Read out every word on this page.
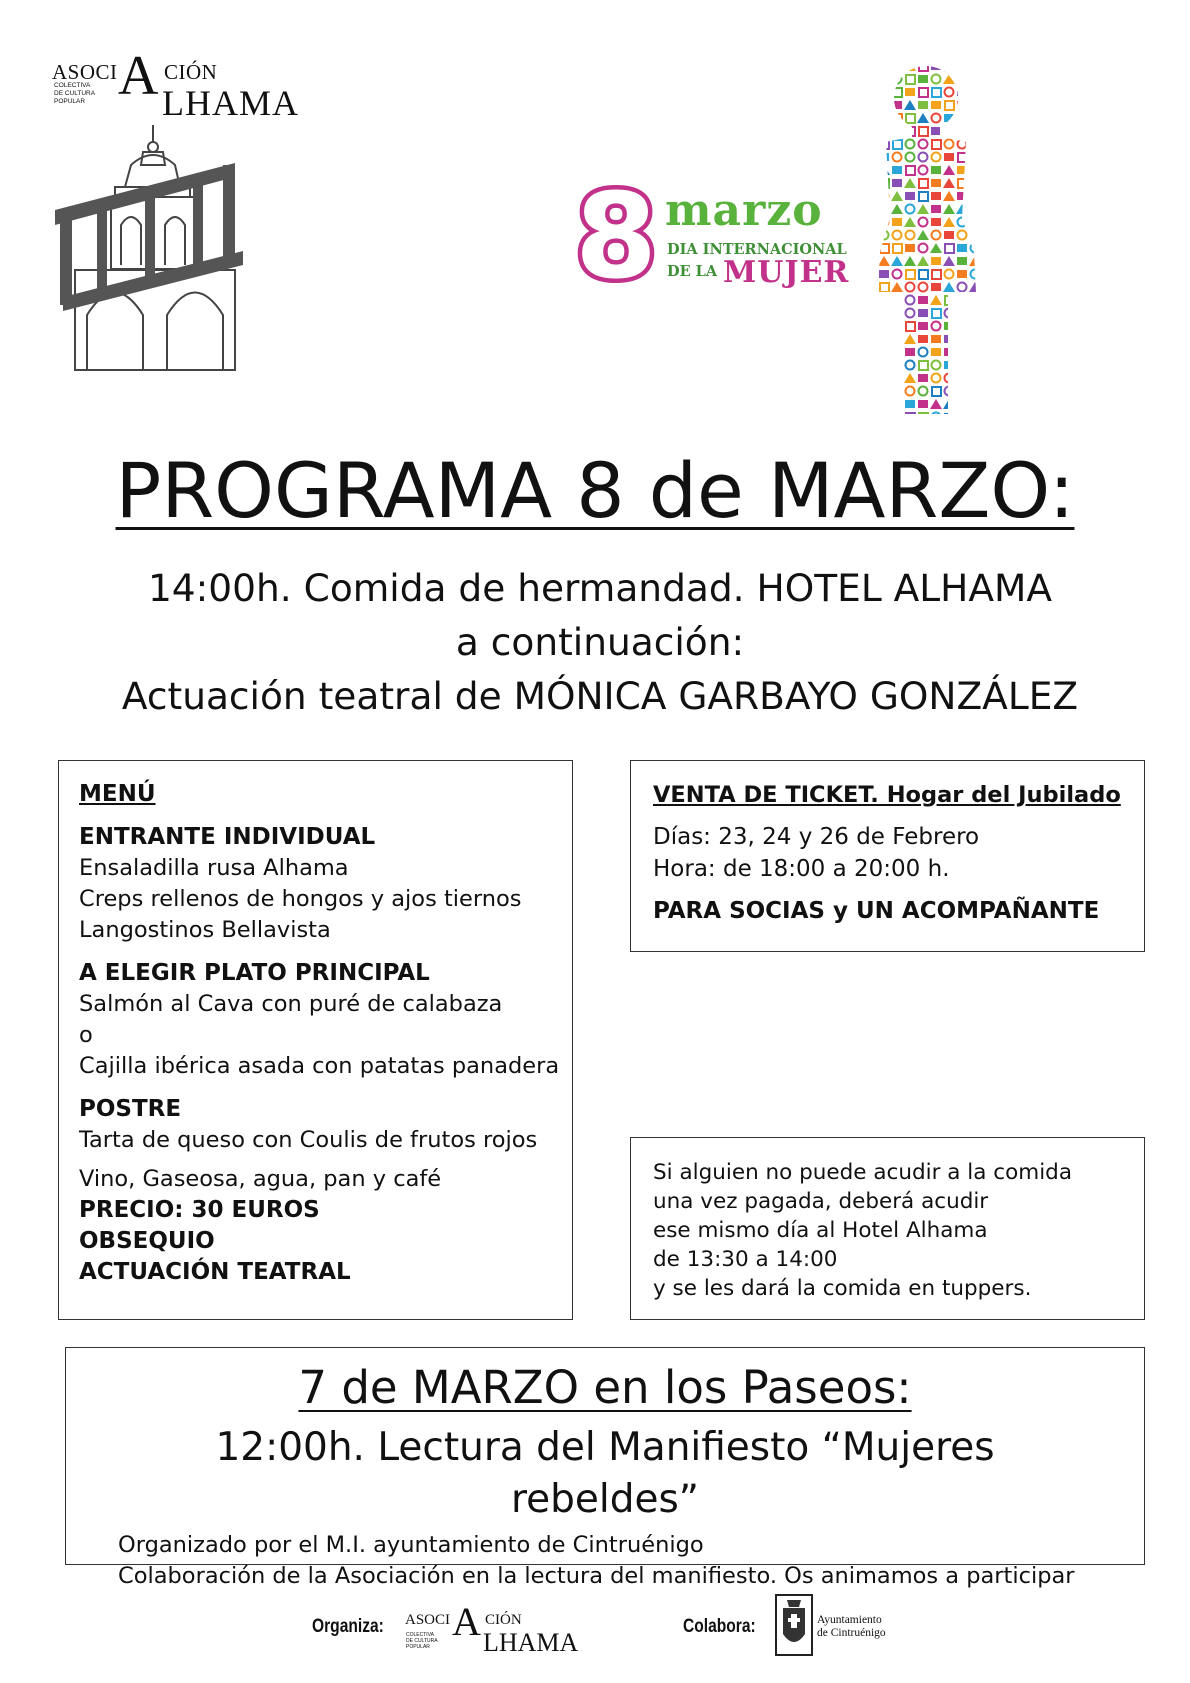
ASOCI A CIÓN
LHAMA
COLECTIVA
DE CULTURA
POPULAR
8 marzo
DIA INTERNACIONAL
DE LA MUJER
PROGRAMA 8 de MARZO:
14:00h. Comida de hermandad. HOTEL ALHAMA
a continuación:
Actuación teatral de MÓNICA GARBAYO GONZÁLEZ
MENÚ
ENTRANTE INDIVIDUAL
Ensaladilla rusa Alhama
Creps rellenos de hongos y ajos tiernos
Langostinos Bellavista
A ELEGIR PLATO PRINCIPAL
Salmón al Cava con puré de calabaza
o
Cajilla ibérica asada con patatas panadera
POSTRE
Tarta de queso con Coulis de frutos rojos
Vino, Gaseosa, agua, pan y café
PRECIO: 30 EUROS
OBSEQUIO
ACTUACIÓN TEATRAL
VENTA DE TICKET. Hogar del Jubilado
Días: 23, 24 y 26 de Febrero
Hora: de 18:00 a 20:00 h.
PARA SOCIAS y UN ACOMPAÑANTE
Si alguien no puede acudir a la comida
una vez pagada, deberá acudir
ese mismo día al Hotel Alhama
de 13:30 a 14:00
y se les dará la comida en tuppers.
7 de MARZO en los Paseos:
12:00h. Lectura del Manifiesto “Mujeres rebeldes”
Organizado por el M.I. ayuntamiento de Cintruénigo
Colaboración de la Asociación en la lectura del manifiesto. Os animamos a participar
Organiza: ASOCI A CIÓN
LHAMA
COLECTIVA
DE CULTURA
POPULAR
Colabora:	Ayuntamiento
de Cintruénigo
